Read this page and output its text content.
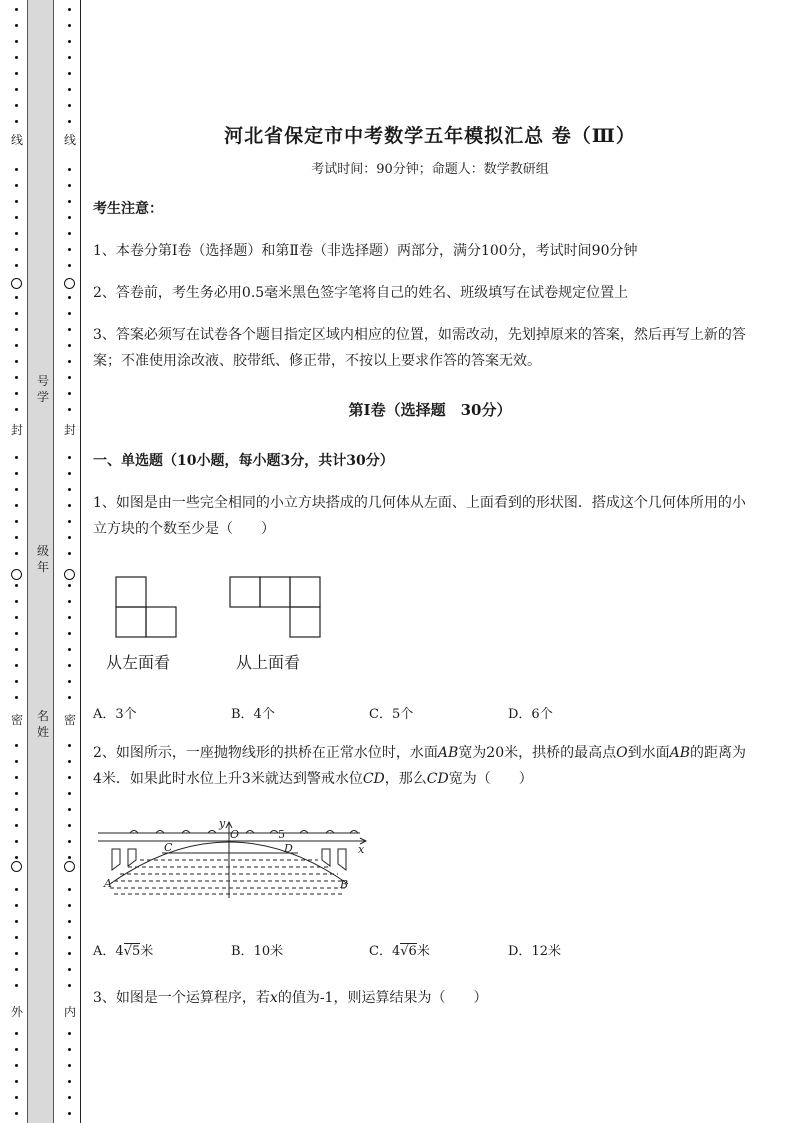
线	线
封	封
密	密
外	内
号学
级年
名姓
河北省保定市中考数学五年模拟汇总 卷（Ⅲ）
考试时间：90分钟；命题人：数学教研组
考生注意：
1、本卷分第Ⅰ卷（选择题）和第Ⅱ卷（非选择题）两部分，满分100分，考试时间90分钟
2、答卷前，考生务必用0.5毫米黑色签字笔将自己的姓名、班级填写在试卷规定位置上
3、答案必须写在试卷各个题目指定区域内相应的位置，如需改动，先划掉原来的答案，然后再写上新的答案；不准使用涂改液、胶带纸、修正带，不按以上要求作答的答案无效。
第Ⅰ卷（选择题　30分）
一、单选题（10小题，每小题3分，共计30分）
1、如图是由一些完全相同的小立方块搭成的几何体从左面、上面看到的形状图．搭成这个几何体所用的小立方块的个数至少是（　　）
从左面看	从上面看
A．3个	B．4个	C．5个	D．6个
2、如图所示，一座抛物线形的拱桥在正常水位时，水面AB宽为20米，拱桥的最高点O到水面AB的距离为4米．如果此时水位上升3米就达到警戒水位CD，那么CD宽为（　　）
y
O
C	D
A	B
x
5
A．4√5米	B．10米	C．4√6米	D．12米
3、如图是一个运算程序，若x的值为-1，则运算结果为（　　）
